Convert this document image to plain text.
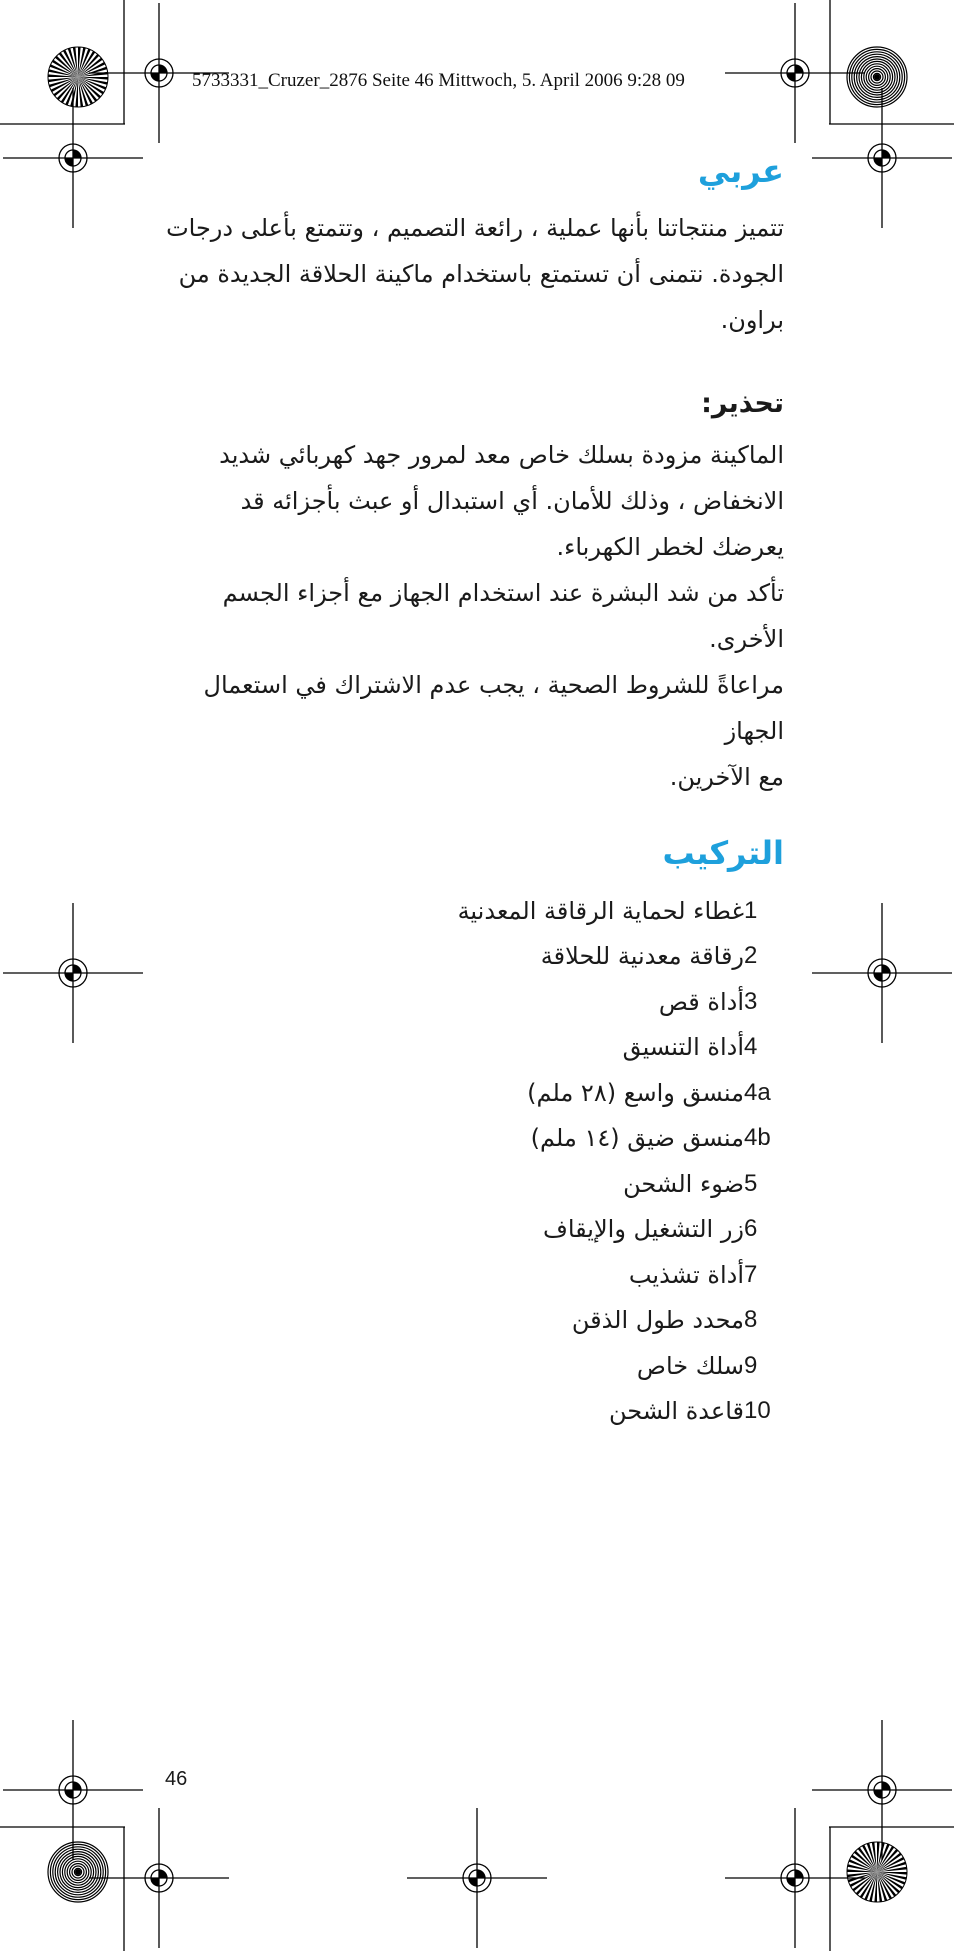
5733331_Cruzer_2876 Seite 46 Mittwoch, 5. April 2006 9:28 09
عربي

تتميز منتجاتنا بأنها عملية ، رائعة التصميم ، وتتمتع بأعلى درجات

الجودة. نتمنى أن تستمتع باستخدام ماكينة الحلاقة الجديدة من

براون.

تحذير:

الماكينة مزودة بسلك خاص معد لمرور جهد كهربائي شديد

الانخفاض ، وذلك للأمان. أي استبدال أو عبث بأجزائه قد

يعرضك لخطر الكهرباء.

تأكد من شد البشرة عند استخدام الجهاز مع أجزاء الجسم

الأخرى.

مراعاةً للشروط الصحية ، يجب عدم الاشتراك في استعمال الجهاز

مع الآخرين.

التركيب
1
غطاء لحماية الرقاقة المعدنية
2
رقاقة معدنية للحلاقة
3
أداة قص
4
أداة التنسيق
4a
منسق واسع (٢٨ ملم)
4b
منسق ضيق (١٤ ملم)
5
ضوء الشحن
6
زر التشغيل والإيقاف
7
أداة تشذيب
8
محدد طول الذقن
9
سلك خاص
10
قاعدة الشحن
46
